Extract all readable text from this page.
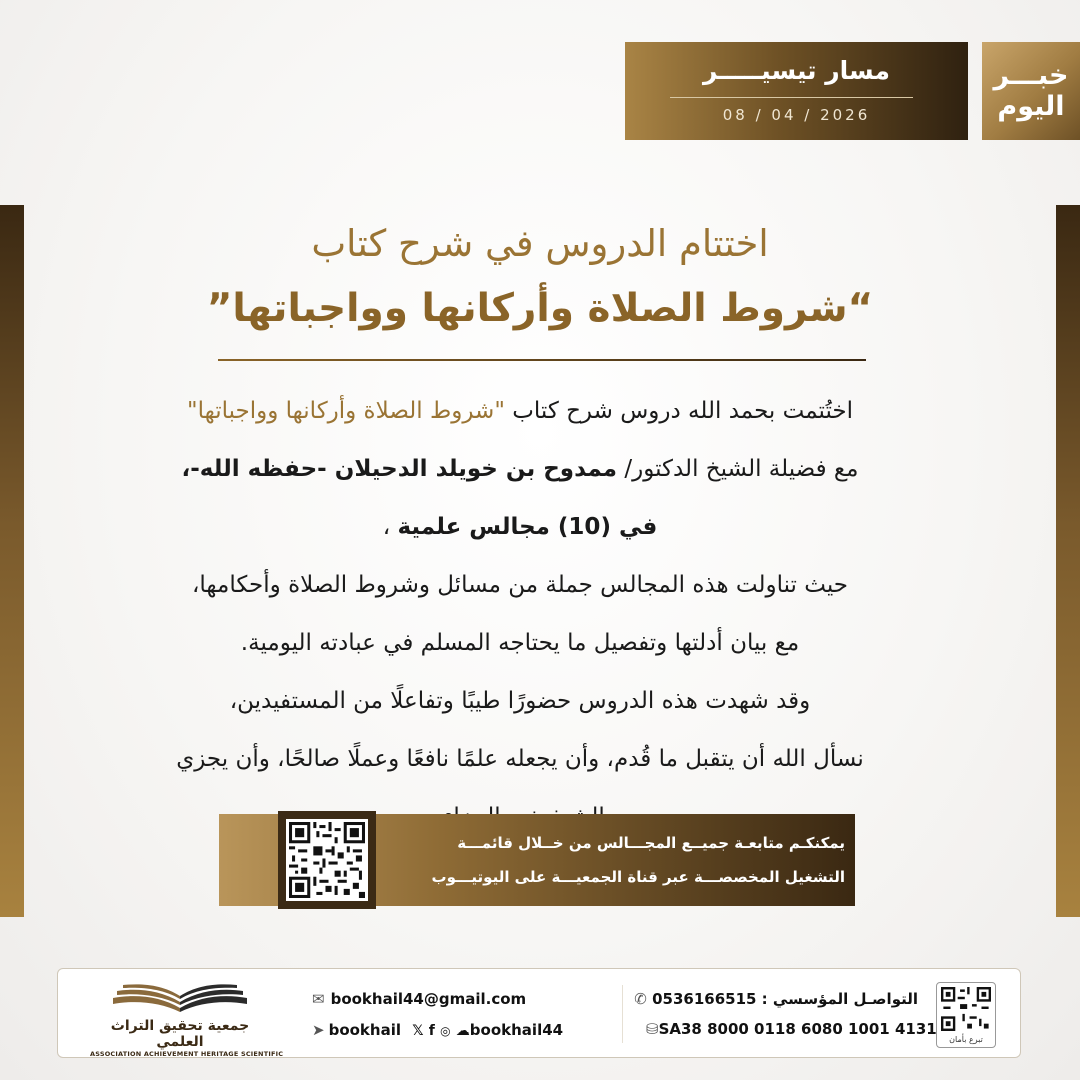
خبـــر
اليوم
مسار تيسيـــــر
08 / 04 / 2026
اختتام الدروس في شرح كتاب
”شروط الصلاة وأركانها وواجباتها“
اختُتمت بحمد الله دروس شرح كتاب "شروط الصلاة وأركانها وواجباتها"
مع فضيلة الشيخ الدكتور/ ممدوح بن خويلد الدحيلان -حفظه الله-،
في (10) مجالس علمية ،
حيث تناولت هذه المجالس جملة من مسائل وشروط الصلاة وأحكامها،
مع بيان أدلتها وتفصيل ما يحتاجه المسلم في عبادته اليومية.
وقد شهدت هذه الدروس حضورًا طيبًا وتفاعلًا من المستفيدين،
نسأل الله أن يتقبل ما قُدم، وأن يجعله علمًا نافعًا وعملًا صالحًا، وأن يجزي
يمكنكـم متابعـة جميــع المجـــالس من خــلال قائمـــة
التشغيل المخصصـــة عبر قناة الجمعيـــة على اليوتيـــوب
تبرع بأمان
التواصـل المؤسسي : 0536166515 ✆
⛁SA38 8000 0118 6080 1001 4131
✉ bookhail44@gmail.com
➤ bookhail 𝕏 f ◎ ☁bookhail44
جمعية تحقيق التراث العلمي
ASSOCIATION ACHIEVEMENT HERITAGE SCIENTIFIC
